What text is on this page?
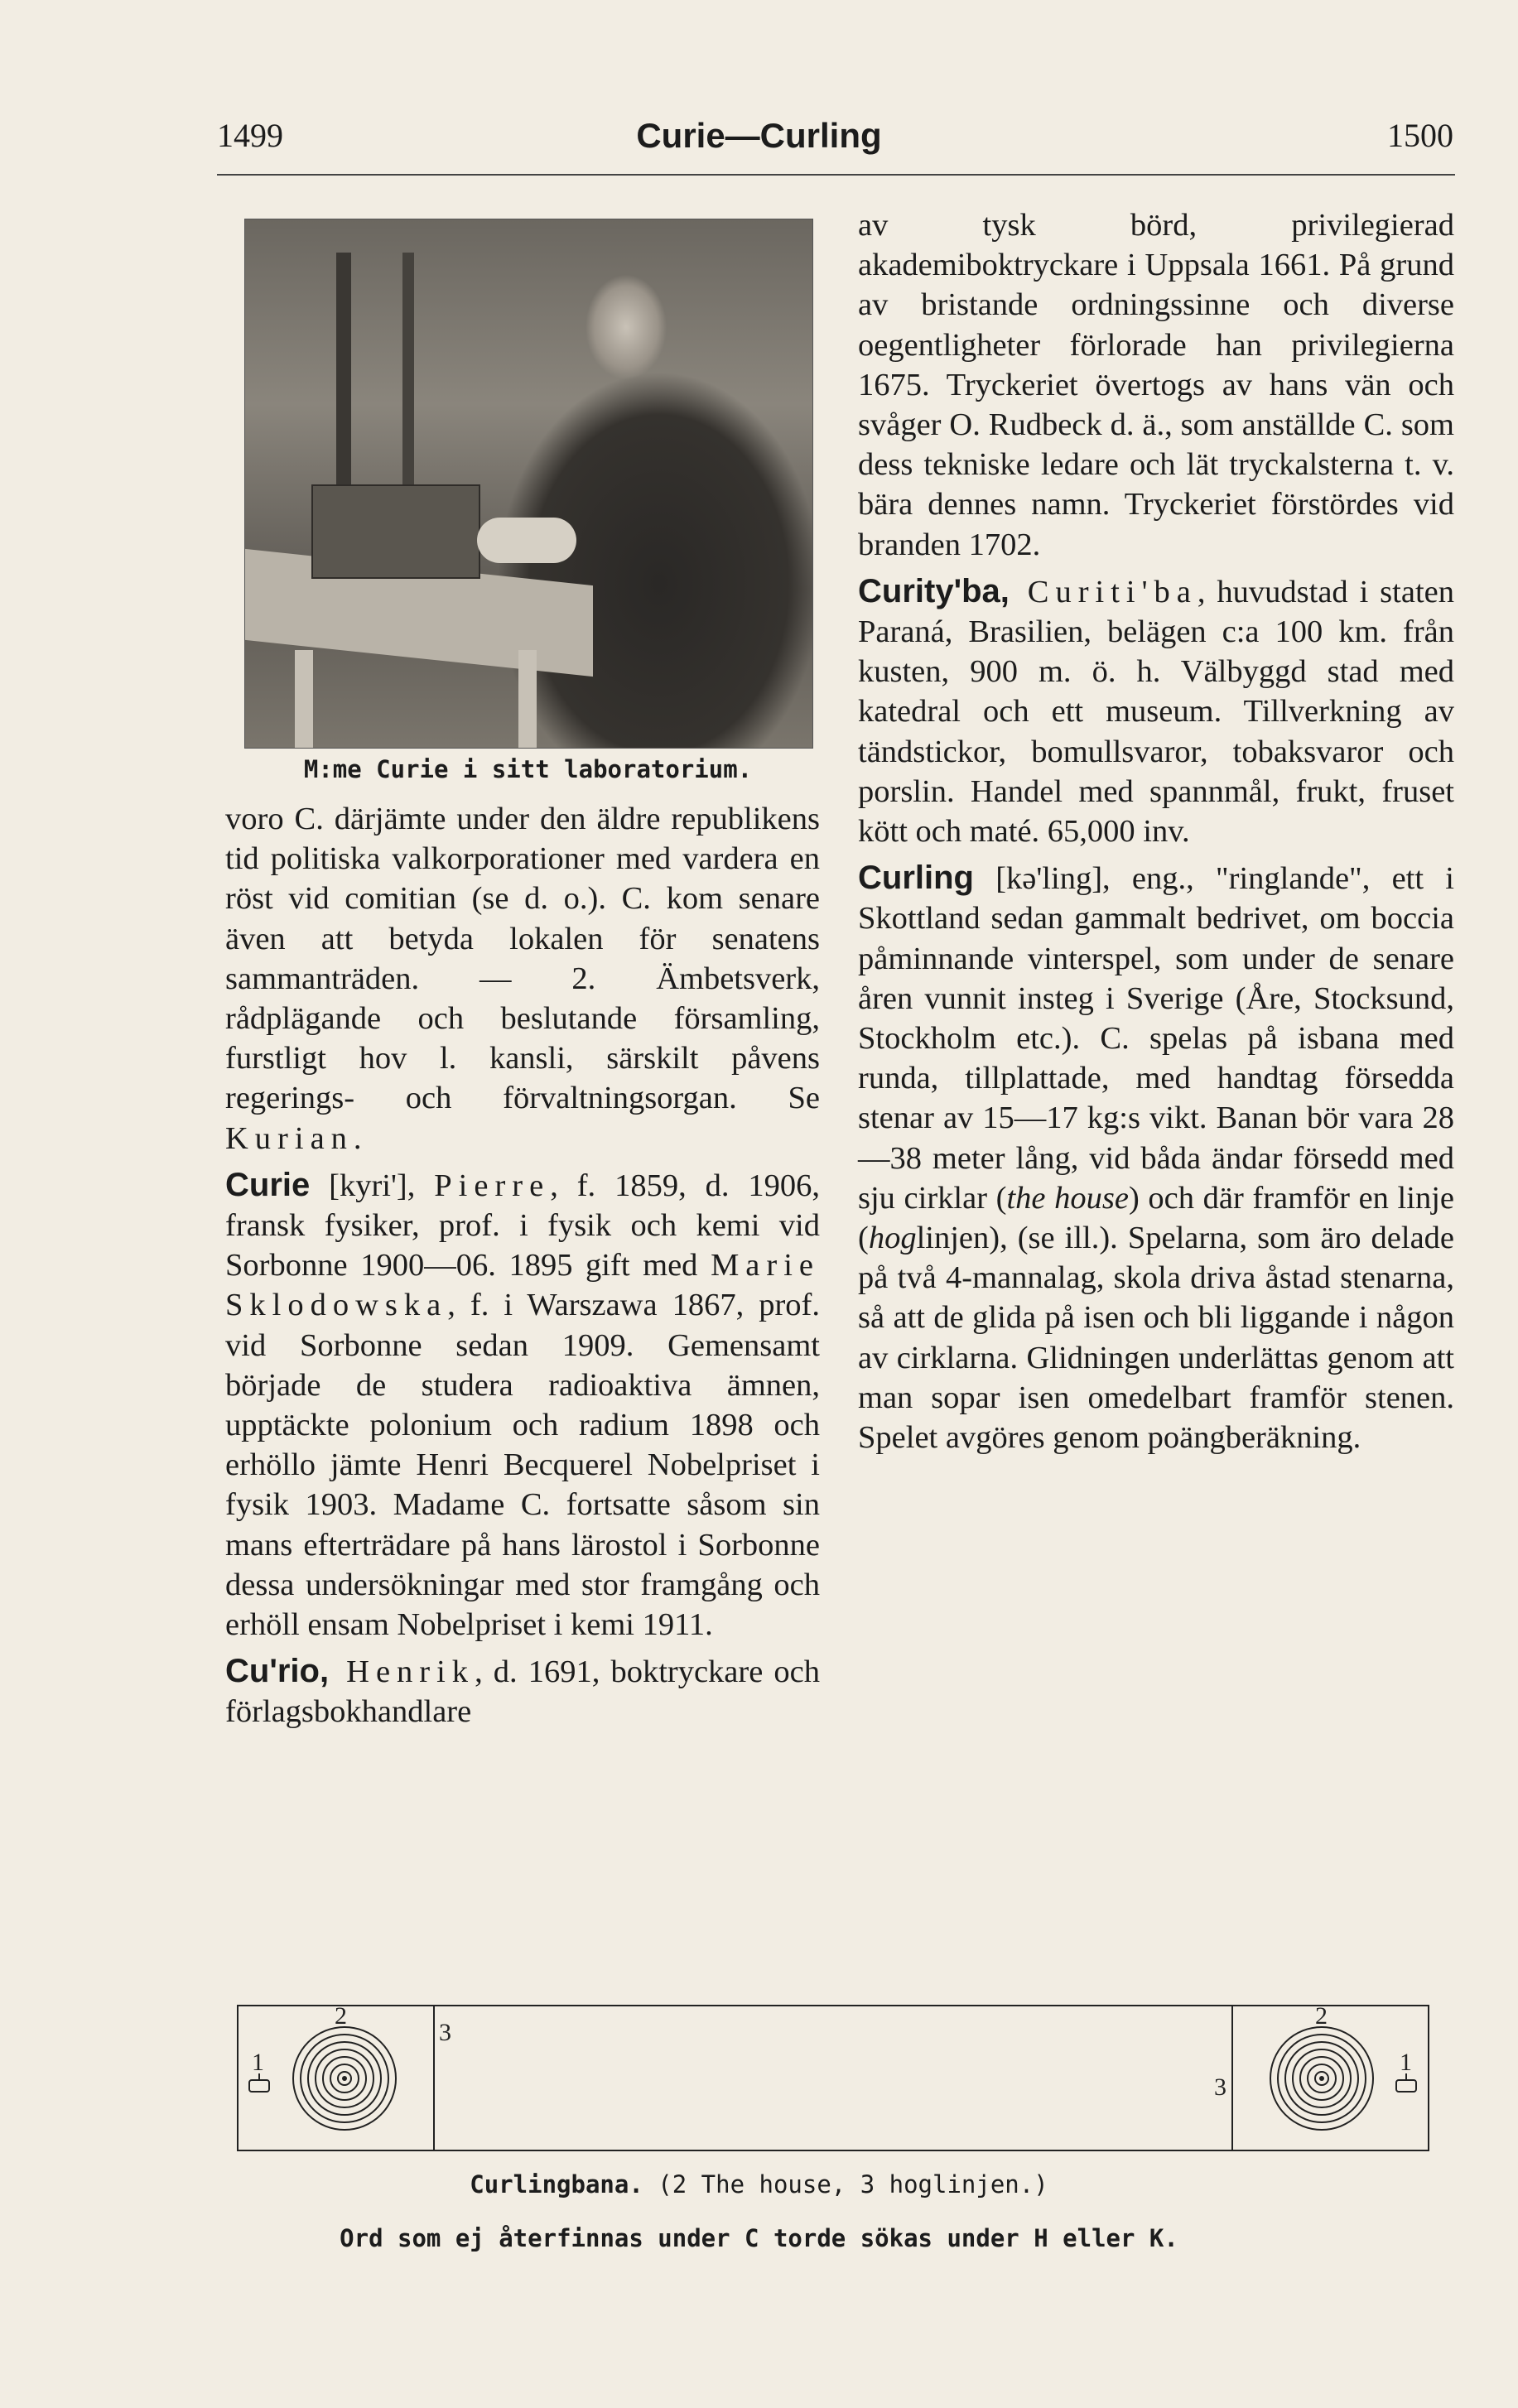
1499	Curie—Curling	1500
M:me Curie i sitt laboratorium.

voro C. därjämte under den äldre republikens tid politiska valkorporationer med vardera en röst vid comitian (se d. o.). C. kom senare även att betyda lokalen för senatens sammanträden. — 2. Ämbetsverk, rådplägande och beslutande församling, furstligt hov l. kansli, särskilt påvens regerings- och förvaltningsorgan. Se Kurian.

Curie [kyri'], Pierre, f. 1859, d. 1906, fransk fysiker, prof. i fysik och kemi vid Sorbonne 1900—06. 1895 gift med Marie Sklodowska, f. i Warszawa 1867, prof. vid Sorbonne sedan 1909. Gemensamt började de studera radioaktiva ämnen, upptäckte polonium och radium 1898 och erhöllo jämte Henri Becquerel Nobelpriset i fysik 1903. Madame C. fortsatte såsom sin mans efterträdare på hans lärostol i Sorbonne dessa undersökningar med stor framgång och erhöll ensam Nobelpriset i kemi 1911.

Cu'rio, Henrik, d. 1691, boktryckare och förlagsbokhandlare

av tysk börd, privilegierad akademiboktryckare i Uppsala 1661. På grund av bristande ordningssinne och diverse oegentligheter förlorade han privilegierna 1675. Tryckeriet övertogs av hans vän och svåger O. Rudbeck d. ä., som anställde C. som dess tekniske ledare och lät tryckalsterna t. v. bära dennes namn. Tryckeriet förstördes vid branden 1702.

Curity'ba, Curiti'ba, huvudstad i staten Paraná, Brasilien, belägen c:a 100 km. från kusten, 900 m. ö. h. Välbyggd stad med katedral och ett museum. Tillverkning av tändstickor, bomullsvaror, tobaksvaror och porslin. Handel med spannmål, frukt, fruset kött och maté. 65,000 inv.

Curling [kə'ling], eng., "ringlande", ett i Skottland sedan gammalt bedrivet, om boccia påminnande vinterspel, som under de senare åren vunnit insteg i Sverige (Åre, Stocksund, Stockholm etc.). C. spelas på isbana med runda, tillplattade, med handtag försedda stenar av 15—17 kg:s vikt. Banan bör vara 28—38 meter lång, vid båda ändar försedd med sju cirklar (the house) och där framför en linje (hoglinjen), (se ill.). Spelarna, som äro delade på två 4-mannalag, skola driva åstad stenarna, så att de glida på isen och bli liggande i någon av cirklarna. Glidningen underlättas genom att man sopar isen omedelbart framför stenen. Spelet avgöres genom poängberäkning.

1
2
3
3
2
1
Curlingbana. (2 The house, 3 hoglinjen.)
Ord som ej återfinnas under C torde sökas under H eller K.
